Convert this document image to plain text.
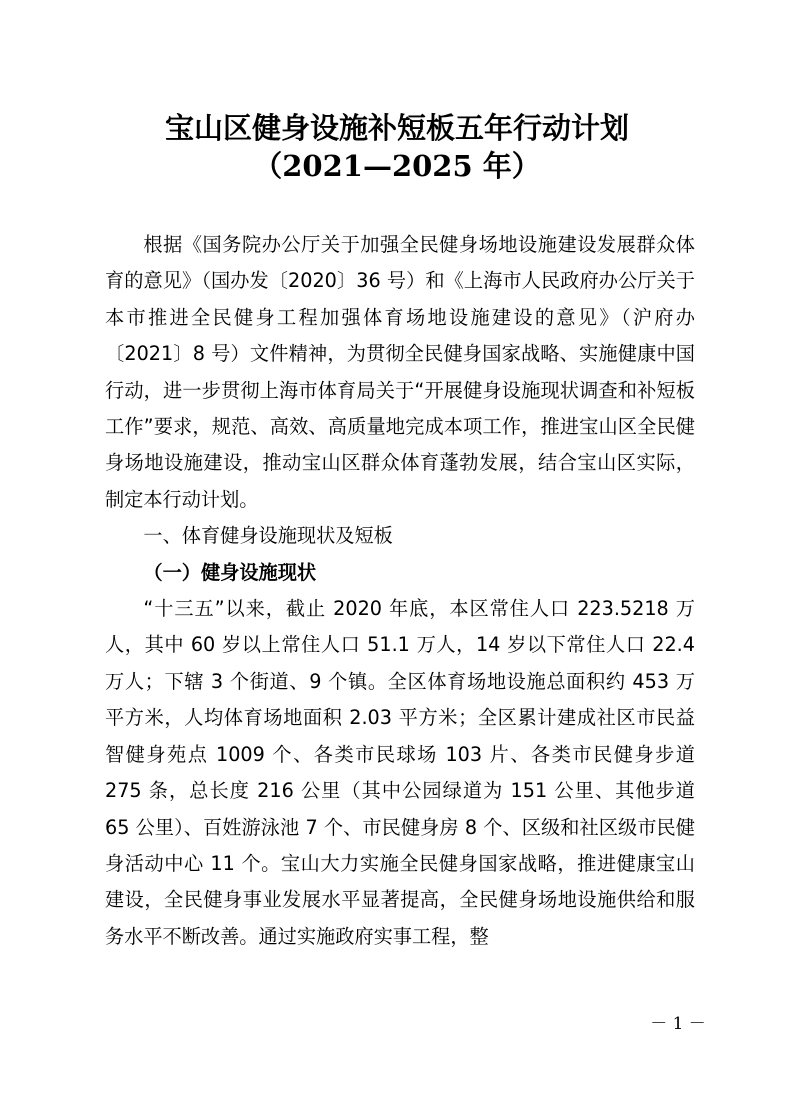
宝山区健身设施补短板五年行动计划
（2021—2025 年）

根据《国务院办公厅关于加强全民健身场地设施建设发展群众体育的意见》（国办发〔2020〕36 号）和《上海市人民政府办公厅关于本市推进全民健身工程加强体育场地设施建设的意见》（沪府办〔2021〕8 号）文件精神，为贯彻全民健身国家战略、实施健康中国行动，进一步贯彻上海市体育局关于“开展健身设施现状调查和补短板工作”要求，规范、高效、高质量地完成本项工作，推进宝山区全民健身场地设施建设，推动宝山区群众体育蓬勃发展，结合宝山区实际，制定本行动计划。

一、体育健身设施现状及短板

（一）健身设施现状

“十三五”以来，截止 2020 年底，本区常住人口 223.5218 万人，其中 60 岁以上常住人口 51.1 万人，14 岁以下常住人口 22.4 万人；下辖 3 个街道、9 个镇。全区体育场地设施总面积约 453 万平方米，人均体育场地面积 2.03 平方米；全区累计建成社区市民益智健身苑点 1009 个、各类市民球场 103 片、各类市民健身步道 275 条，总长度 216 公里（其中公园绿道为 151 公里、其他步道 65 公里）、百姓游泳池 7 个、市民健身房 8 个、区级和社区级市民健身活动中心 11 个。宝山大力实施全民健身国家战略，推进健康宝山建设，全民健身事业发展水平显著提高，全民健身场地设施供给和服务水平不断改善。通过实施政府实事工程，整

－ 1 －
